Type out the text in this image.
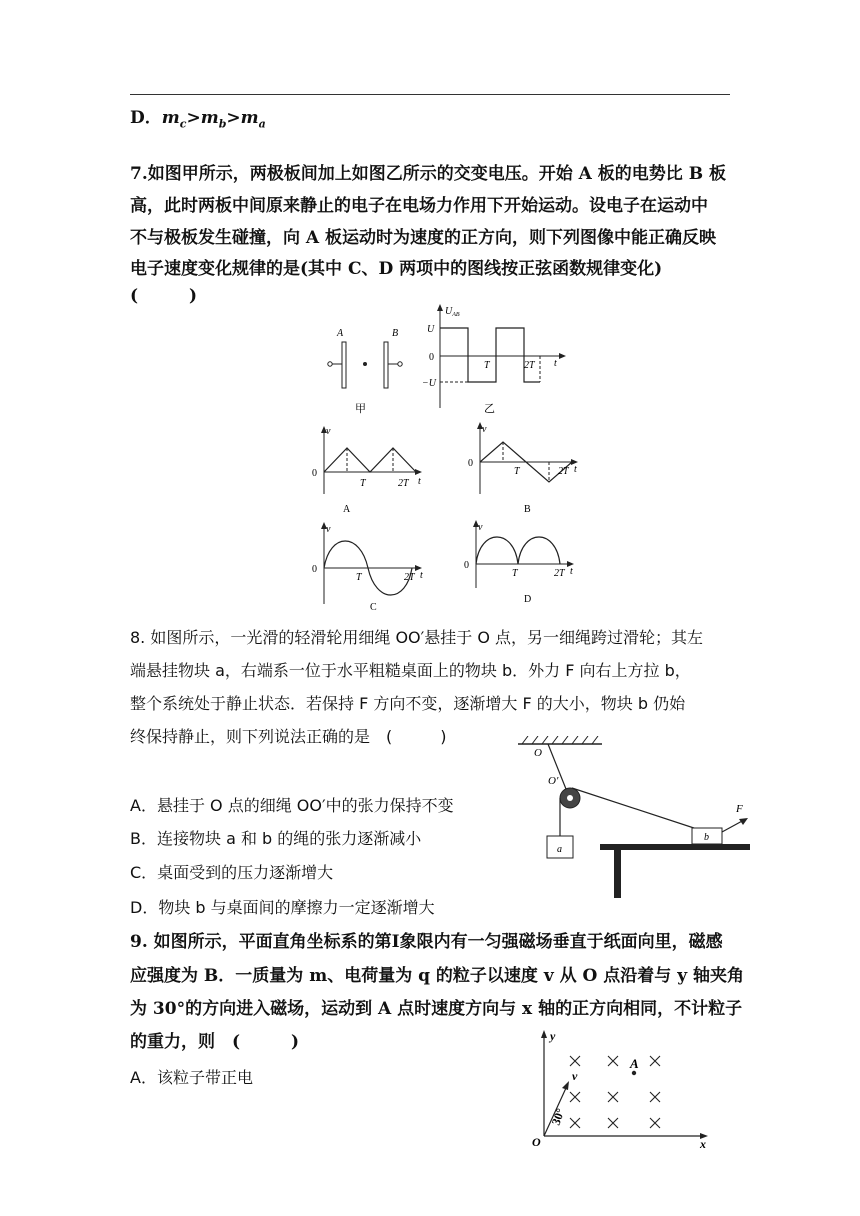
D．$m_c>m_b>m_a$
7.如图甲所示，两极板间加上如图乙所示的交变电压。开始 A 板的电势比 B 板
高，此时两板中间原来静止的电子在电场力作用下开始运动。设电子在运动中
不与极板发生碰撞，向 A 板运动时为速度的正方向，则下列图像中能正确反映
电子速度变化规律的是(其中 C、D 两项中的图线按正弦函数规律变化)
(　　　)
A	B
甲
$U_{AB}$
U
0
−U
T	2T t
乙
v
0
T	2T t
A
v
0
T	2T t
B
v
0
T	2T t
C
v
0
T	2T t
D
8. 如图所示，一光滑的轻滑轮用细绳 OO′悬挂于 O 点，另一细绳跨过滑轮；其左
端悬挂物块 a，右端系一位于水平粗糙桌面上的物块 b．外力 F 向右上方拉 b，
整个系统处于静止状态．若保持 F 方向不变，逐渐增大 F 的大小，物块 b 仍始
终保持静止，则下列说法正确的是　(　　　)
A．悬挂于 O 点的细绳 OO′中的张力保持不变
B．连接物块 a 和 b 的绳的张力逐渐减小
C．桌面受到的压力逐渐增大
D．物块 b 与桌面间的摩擦力一定逐渐增大
O
O′
a
b
F
9. 如图所示，平面直角坐标系的第Ⅰ象限内有一匀强磁场垂直于纸面向里，磁感
应强度为 B．一质量为 m、电荷量为 q 的粒子以速度 v 从 O 点沿着与 y 轴夹角
为 30°的方向进入磁场，运动到 A 点时速度方向与 x 轴的正方向相同，不计粒子
的重力，则　(　　　)
A．该粒子带正电
y
x
O
A
v
30°
